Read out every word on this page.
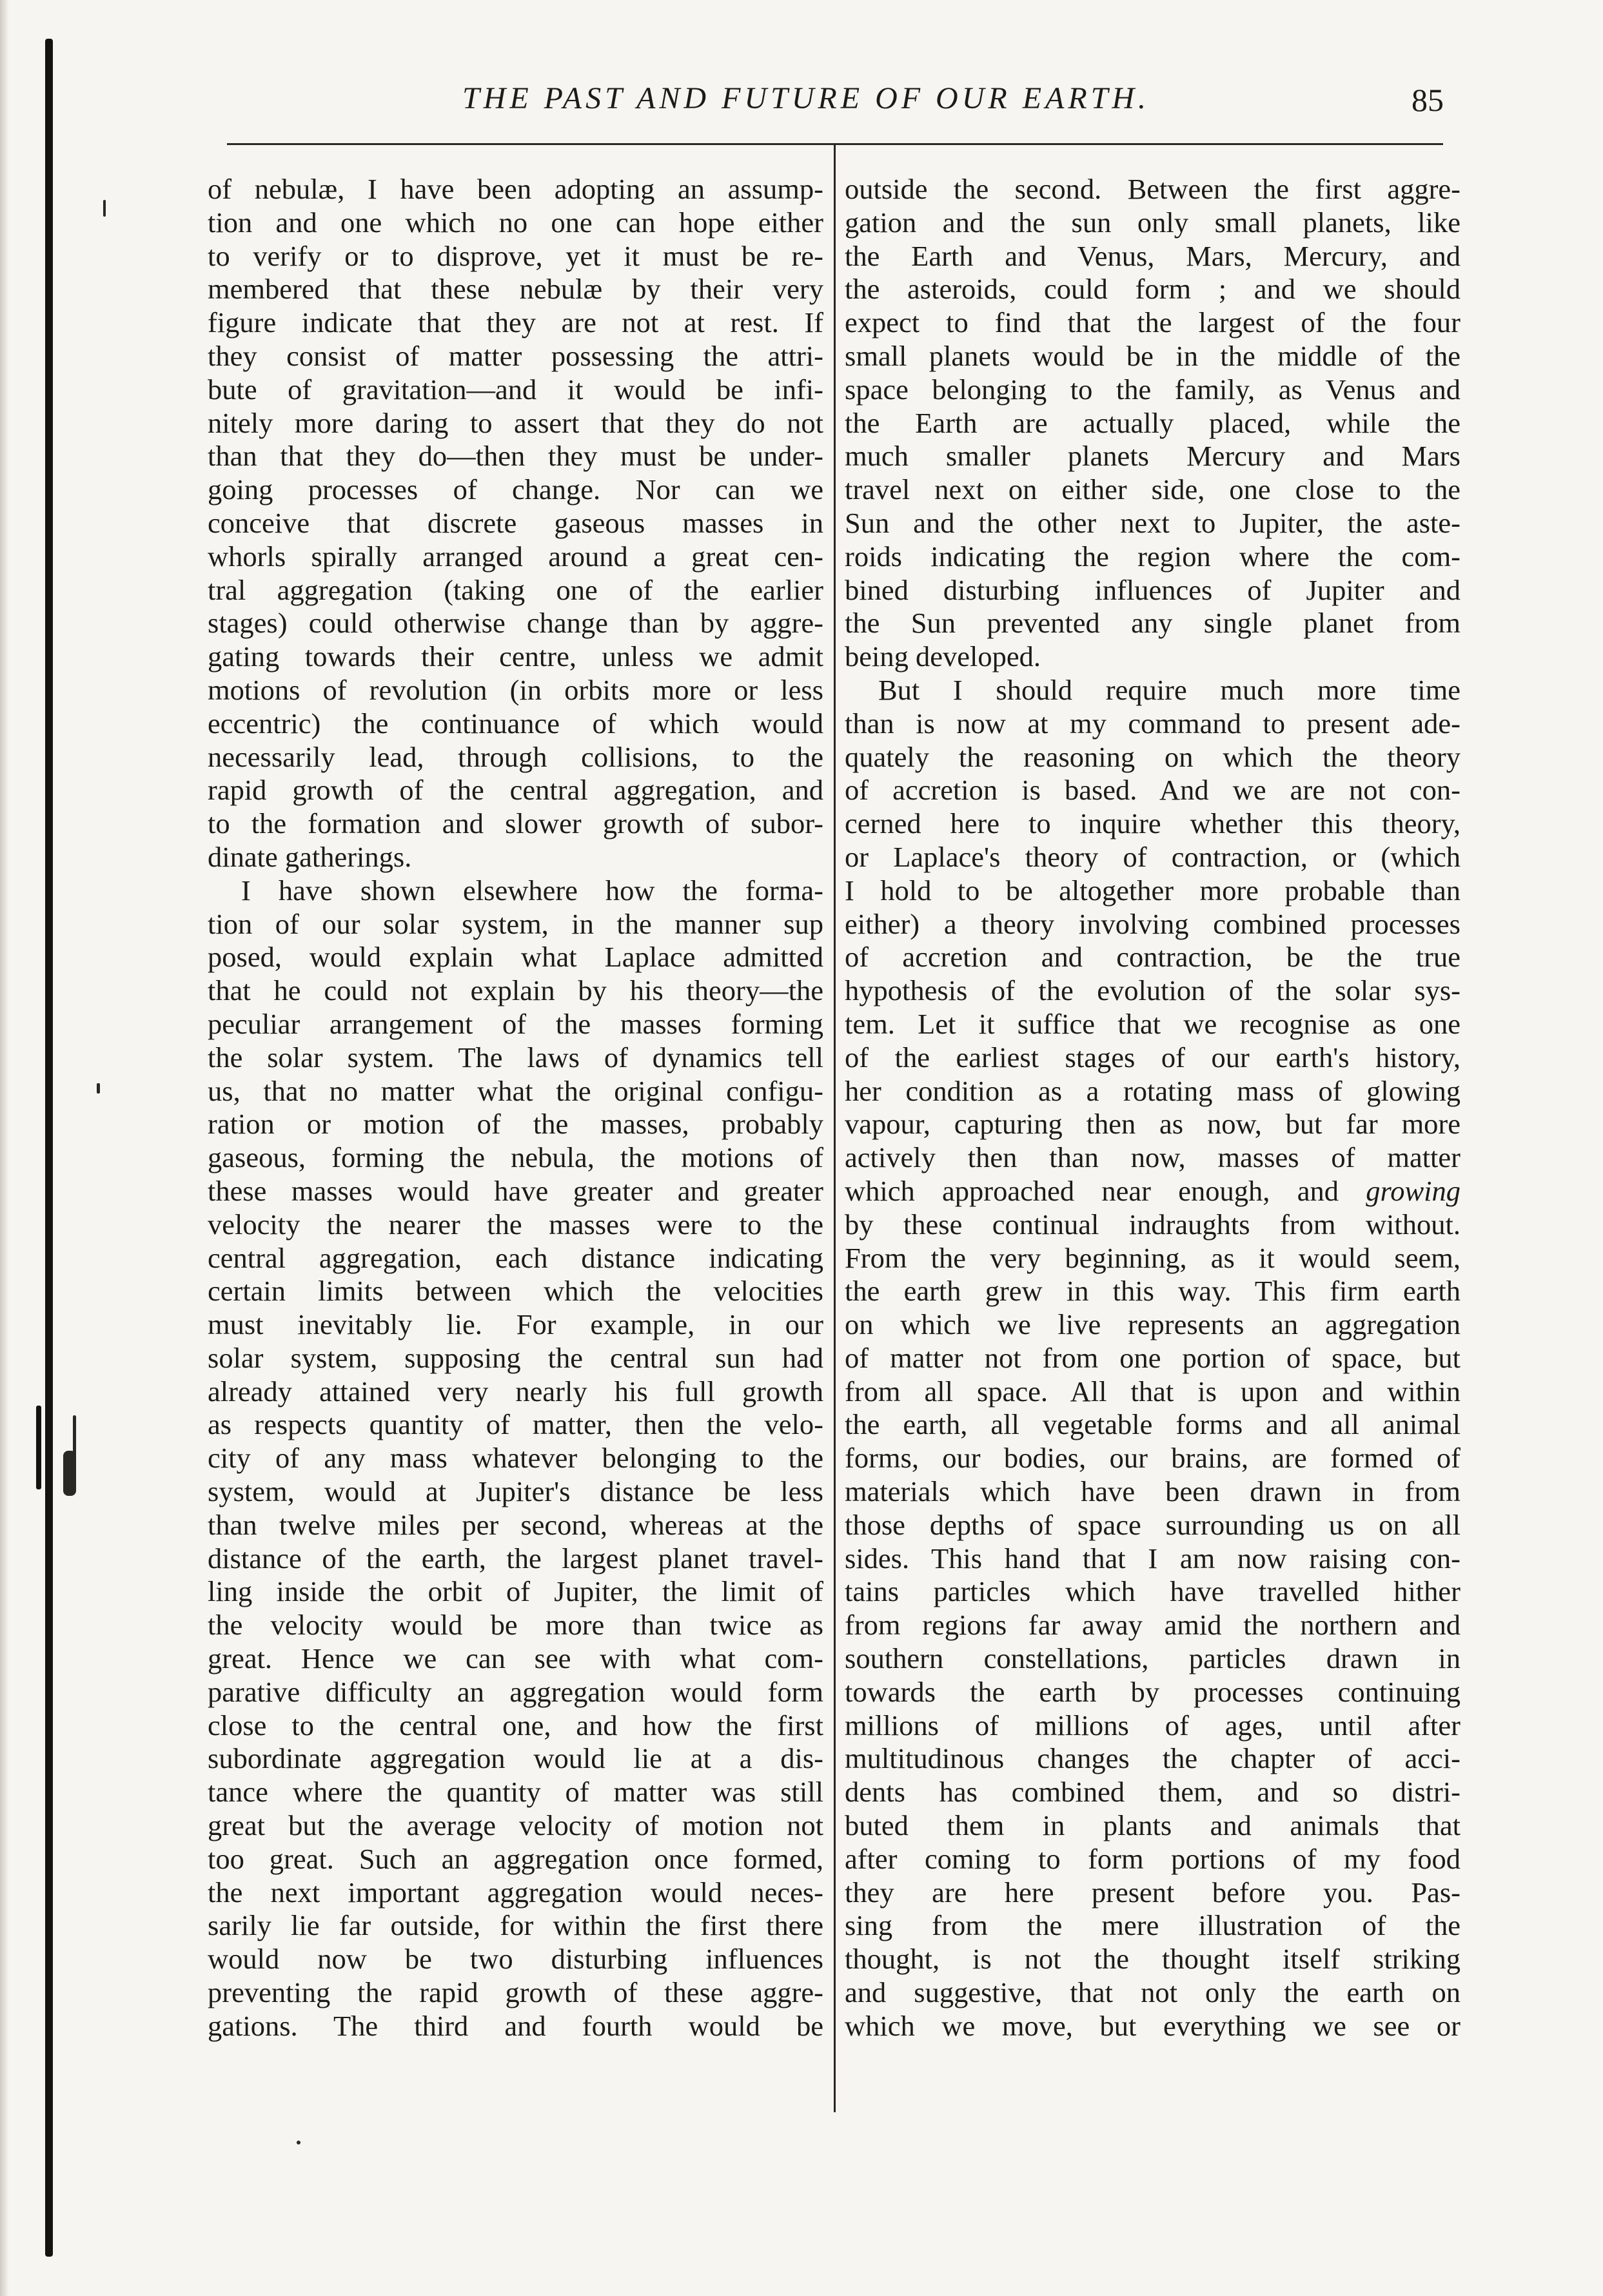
THE PAST AND FUTURE OF OUR EARTH.	85
of nebulæ, I have been adopting an assump-
tion and one which no one can hope either
to verify or to disprove, yet it must be re-
membered that these nebulæ by their very
figure indicate that they are not at rest. If
they consist of matter possessing the attri-
bute of gravitation—and it would be infi-
nitely more daring to assert that they do not
than that they do—then they must be under-
going processes of change. Nor can we
conceive that discrete gaseous masses in
whorls spirally arranged around a great cen-
tral aggregation (taking one of the earlier
stages) could otherwise change than by aggre-
gating towards their centre, unless we admit
motions of revolution (in orbits more or less
eccentric) the continuance of which would
necessarily lead, through collisions, to the
rapid growth of the central aggregation, and
to the formation and slower growth of subor-
dinate gatherings.
I have shown elsewhere how the forma-
tion of our solar system, in the manner sup
posed, would explain what Laplace admitted
that he could not explain by his theory—the
peculiar arrangement of the masses forming
the solar system. The laws of dynamics tell
us, that no matter what the original configu-
ration or motion of the masses, probably
gaseous, forming the nebula, the motions of
these masses would have greater and greater
velocity the nearer the masses were to the
central aggregation, each distance indicating
certain limits between which the velocities
must inevitably lie. For example, in our
solar system, supposing the central sun had
already attained very nearly his full growth
as respects quantity of matter, then the velo-
city of any mass whatever belonging to the
system, would at Jupiter's distance be less
than twelve miles per second, whereas at the
distance of the earth, the largest planet travel-
ling inside the orbit of Jupiter, the limit of
the velocity would be more than twice as
great. Hence we can see with what com-
parative difficulty an aggregation would form
close to the central one, and how the first
subordinate aggregation would lie at a dis-
tance where the quantity of matter was still
great but the average velocity of motion not
too great. Such an aggregation once formed,
the next important aggregation would neces-
sarily lie far outside, for within the first there
would now be two disturbing influences
preventing the rapid growth of these aggre-
gations. The third and fourth would be
outside the second. Between the first aggre-
gation and the sun only small planets, like
the Earth and Venus, Mars, Mercury, and
the asteroids, could form ; and we should
expect to find that the largest of the four
small planets would be in the middle of the
space belonging to the family, as Venus and
the Earth are actually placed, while the
much smaller planets Mercury and Mars
travel next on either side, one close to the
Sun and the other next to Jupiter, the aste-
roids indicating the region where the com-
bined disturbing influences of Jupiter and
the Sun prevented any single planet from
being developed.
But I should require much more time
than is now at my command to present ade-
quately the reasoning on which the theory
of accretion is based. And we are not con-
cerned here to inquire whether this theory,
or Laplace's theory of contraction, or (which
I hold to be altogether more probable than
either) a theory involving combined processes
of accretion and contraction, be the true
hypothesis of the evolution of the solar sys-
tem. Let it suffice that we recognise as one
of the earliest stages of our earth's history,
her condition as a rotating mass of glowing
vapour, capturing then as now, but far more
actively then than now, masses of matter
which approached near enough, and growing
by these continual indraughts from without.
From the very beginning, as it would seem,
the earth grew in this way. This firm earth
on which we live represents an aggregation
of matter not from one portion of space, but
from all space. All that is upon and within
the earth, all vegetable forms and all animal
forms, our bodies, our brains, are formed of
materials which have been drawn in from
those depths of space surrounding us on all
sides. This hand that I am now raising con-
tains particles which have travelled hither
from regions far away amid the northern and
southern constellations, particles drawn in
towards the earth by processes continuing
millions of millions of ages, until after
multitudinous changes the chapter of acci-
dents has combined them, and so distri-
buted them in plants and animals that
after coming to form portions of my food
they are here present before you. Pas-
sing from the mere illustration of the
thought, is not the thought itself striking
and suggestive, that not only the earth on
which we move, but everything we see or
